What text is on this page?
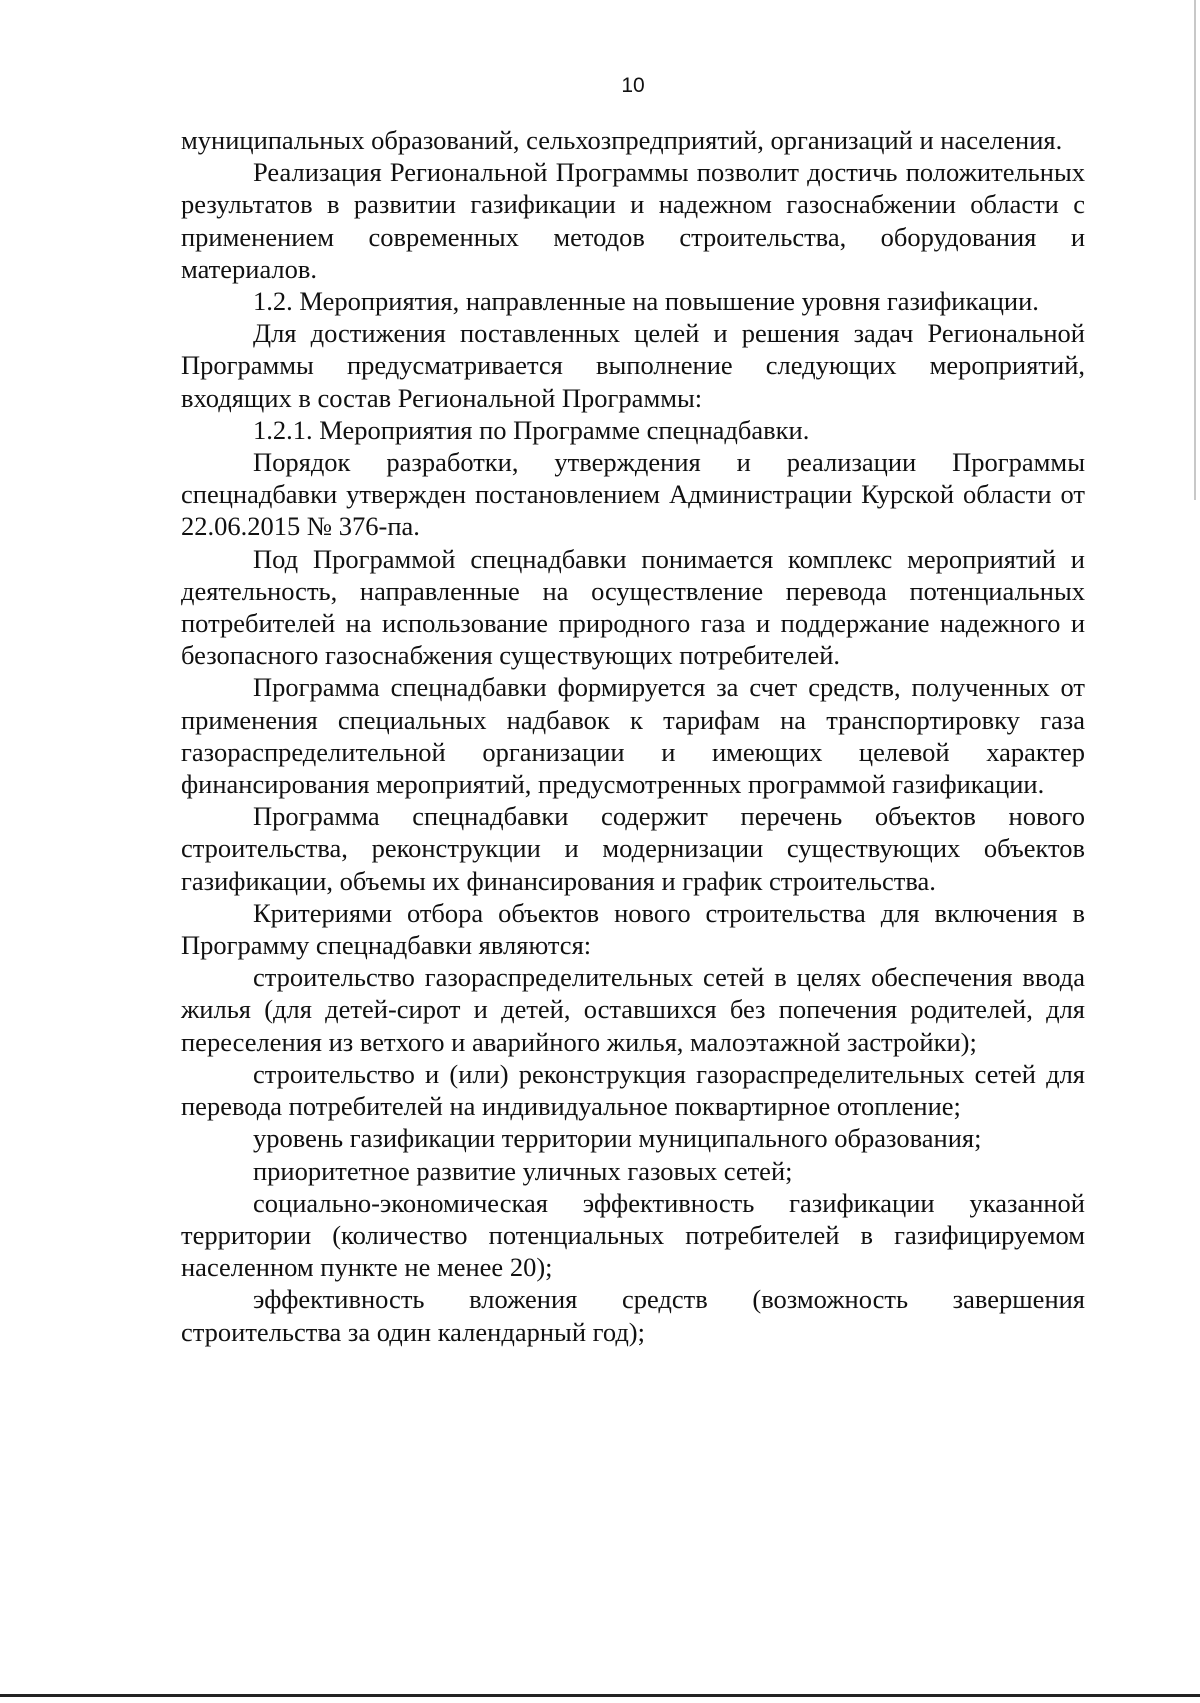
10

муниципальных образований, сельхозпредприятий, организаций и населения.

Реализация Региональной Программы позволит достичь положительных результатов в развитии газификации и надежном газоснабжении области с применением современных методов строительства, оборудования и материалов.

1.2. Мероприятия, направленные на повышение уровня газификации.

Для достижения поставленных целей и решения задач Региональной Программы предусматривается выполнение следующих мероприятий, входящих в состав Региональной Программы:

1.2.1. Мероприятия по Программе спецнадбавки.

Порядок разработки, утверждения и реализации Программы спецнадбавки утвержден постановлением Администрации Курской области от 22.06.2015 № 376-па.

Под Программой спецнадбавки понимается комплекс мероприятий и деятельность, направленные на осуществление перевода потенциальных потребителей на использование природного газа и поддержание надежного и безопасного газоснабжения существующих потребителей.

Программа спецнадбавки формируется за счет средств, полученных от применения специальных надбавок к тарифам на транспортировку газа газораспределительной организации и имеющих целевой характер финансирования мероприятий, предусмотренных программой газификации.

Программа спецнадбавки содержит перечень объектов нового строительства, реконструкции и модернизации существующих объектов газификации, объемы их финансирования и график строительства.

Критериями отбора объектов нового строительства для включения в Программу спецнадбавки являются:

строительство газораспределительных сетей в целях обеспечения ввода жилья (для детей-сирот и детей, оставшихся без попечения родителей, для переселения из ветхого и аварийного жилья, малоэтажной застройки);

строительство и (или) реконструкция газораспределительных сетей для перевода потребителей на индивидуальное поквартирное отопление;

уровень газификации территории муниципального образования;

приоритетное развитие уличных газовых сетей;

социально-экономическая эффективность газификации указанной территории (количество потенциальных потребителей в газифицируемом населенном пункте не менее 20);

эффективность вложения средств (возможность завершения строительства за один календарный год);
